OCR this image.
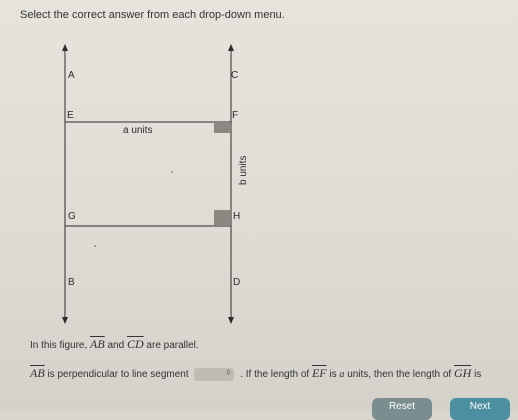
Select the correct answer from each drop-down menu.
A	C
E	F
G	H
B	D
a units
b units
In this figure, $\overline{AB}$ and $\overline{CD}$ are parallel.
$\overline{AB}$ is perpendicular to line segment	◊ . If the length of $\overline{EF}$ is a units, then the length of $\overline{GH}$ is
Reset	Next
